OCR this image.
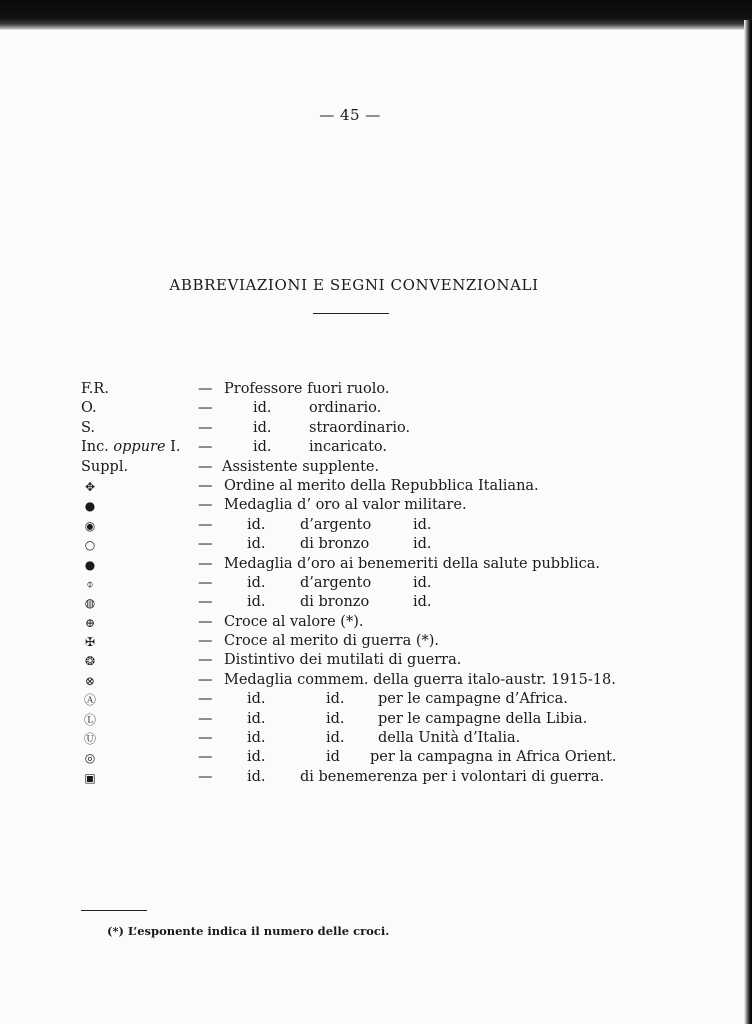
— 45 —
ABBREVIAZIONI E SEGNI CONVENZIONALI
F.R.	— Professore fuori ruolo.
O.	—	id.	ordinario.
S.	—	id.	straordinario.
Inc. oppure I. —	id.	incaricato.
Suppl.	— Assistente supplente.
✥	— Ordine al merito della Repubblica Italiana.
●	— Medaglia d’ oro al valor militare.
◉	— id. d’argento	id.
○	— id. di bronzo	id.
●	— Medaglia d’oro ai benemeriti della salute pubblica.
⌽	— id. d’argento	id.
◍	— id. di bronzo	id.
⊕	— Croce al valore (*).
✠	— Croce al merito di guerra (*).
❂	— Distintivo dei mutilati di guerra.
⊗	— Medaglia commem. della guerra italo-austr. 1915-18.
Ⓐ	— id.	id. per le campagne d’Africa.
Ⓛ	— id.	id. per le campagne della Libia.
Ⓤ	— id.	id. della Unità d’Italia.
◎	— id.	id per la campagna in Africa Orient.
▣	— id. di benemerenza per i volontari di guerra.
(*) L’esponente indica il numero delle croci.
